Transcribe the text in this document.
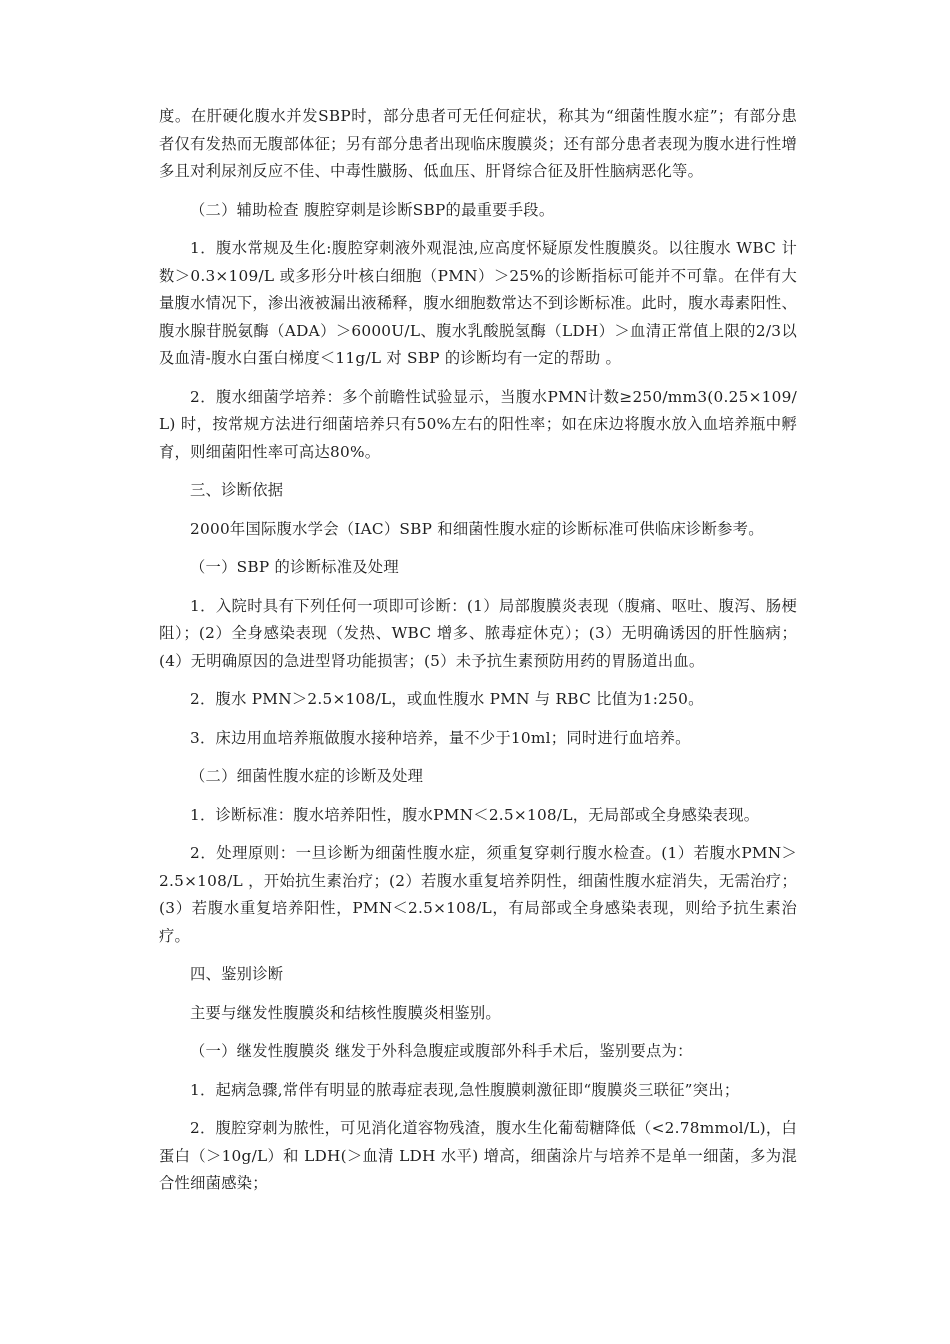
度。在肝硬化腹水并发SBP时，部分患者可无任何症状，称其为“细菌性腹水症”；有部分患者仅有发热而无腹部体征；另有部分患者出现临床腹膜炎；还有部分患者表现为腹水进行性增多且对利尿剂反应不佳、中毒性臌肠、低血压、肝肾综合征及肝性脑病恶化等。

（二）辅助检查 腹腔穿刺是诊断SBP的最重要手段。

1．腹水常规及生化:腹腔穿刺液外观混浊,应高度怀疑原发性腹膜炎。以往腹水 WBC 计数＞0.3×109/L 或多形分叶核白细胞（PMN）＞25%的诊断指标可能并不可靠。在伴有大量腹水情况下，渗出液被漏出液稀释，腹水细胞数常达不到诊断标准。此时，腹水毒素阳性、腹水腺苷脱氨酶（ADA）＞6000U/L、腹水乳酸脱氢酶（LDH）＞血清正常值上限的2/3以及血清-腹水白蛋白梯度＜11g/L 对 SBP 的诊断均有一定的帮助 。

2．腹水细菌学培养：多个前瞻性试验显示，当腹水PMN计数≥250/mm3(0.25×109/L) 时，按常规方法进行细菌培养只有50%左右的阳性率；如在床边将腹水放入血培养瓶中孵育，则细菌阳性率可高达80%。

三、诊断依据

2000年国际腹水学会（IAC）SBP 和细菌性腹水症的诊断标准可供临床诊断参考。

（一）SBP 的诊断标准及处理

1．入院时具有下列任何一项即可诊断：(1）局部腹膜炎表现（腹痛、呕吐、腹泻、肠梗阻）；(2）全身感染表现（发热、WBC 增多、脓毒症休克）；(3）无明确诱因的肝性脑病；(4）无明确原因的急进型肾功能损害；(5）未予抗生素预防用药的胃肠道出血。

2．腹水 PMN＞2.5×108/L，或血性腹水 PMN 与 RBC 比值为1:250。

3．床边用血培养瓶做腹水接种培养，量不少于10ml；同时进行血培养。

（二）细菌性腹水症的诊断及处理

1．诊断标准：腹水培养阳性，腹水PMN＜2.5×108/L，无局部或全身感染表现。

2．处理原则：一旦诊断为细菌性腹水症，须重复穿刺行腹水检查。(1）若腹水PMN＞2.5×108/L ，开始抗生素治疗；(2）若腹水重复培养阴性，细菌性腹水症消失，无需治疗；(3）若腹水重复培养阳性，PMN＜2.5×108/L，有局部或全身感染表现，则给予抗生素治疗。

四、鉴别诊断

主要与继发性腹膜炎和结核性腹膜炎相鉴别。

（一）继发性腹膜炎 继发于外科急腹症或腹部外科手术后，鉴别要点为：

1．起病急骤,常伴有明显的脓毒症表现,急性腹膜刺激征即“腹膜炎三联征”突出；

2．腹腔穿刺为脓性，可见消化道容物残渣，腹水生化葡萄糖降低（<2.78mmol/L)，白蛋白（＞10g/L）和 LDH(＞血清 LDH 水平) 增高，细菌涂片与培养不是单一细菌，多为混合性细菌感染；
